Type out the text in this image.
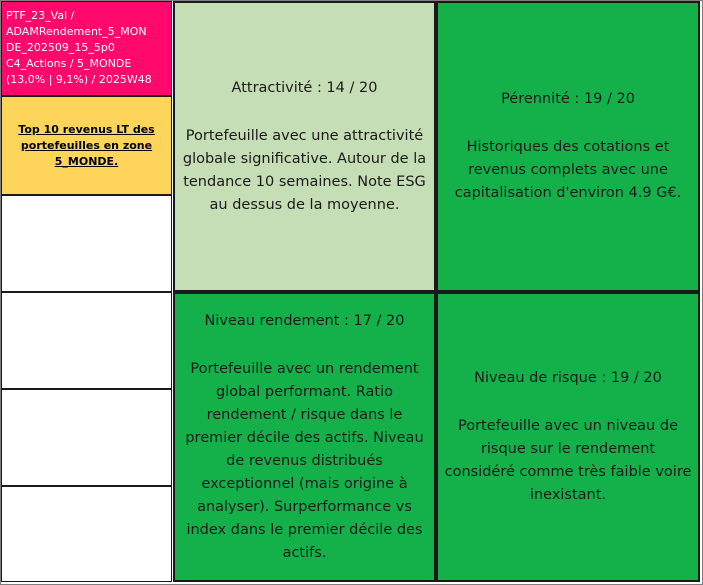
PTF_23_Val /
ADAMRendement_5_MON
DE_202509_15_5p0
C4_Actions / 5_MONDE
(13,0% | 9,1%) / 2025W48
Top 10 revenus LT des portefeuilles en zone 5_MONDE.
Attractivité : 14 / 20
Portefeuille avec une attractivité globale significative. Autour de la tendance 10 semaines. Note ESG au dessus de la moyenne.
Pérennité : 19 / 20
Historiques des cotations et revenus complets avec une capitalisation d'environ 4.9 G€.
Niveau rendement : 17 / 20
Portefeuille avec un rendement global performant. Ratio rendement / risque dans le premier décile des actifs. Niveau de revenus distribués exceptionnel (mais origine à analyser). Surperformance vs index dans le premier décile des actifs.
Niveau de risque : 19 / 20
Portefeuille avec un niveau de risque sur le rendement considéré comme très faible voire inexistant.
